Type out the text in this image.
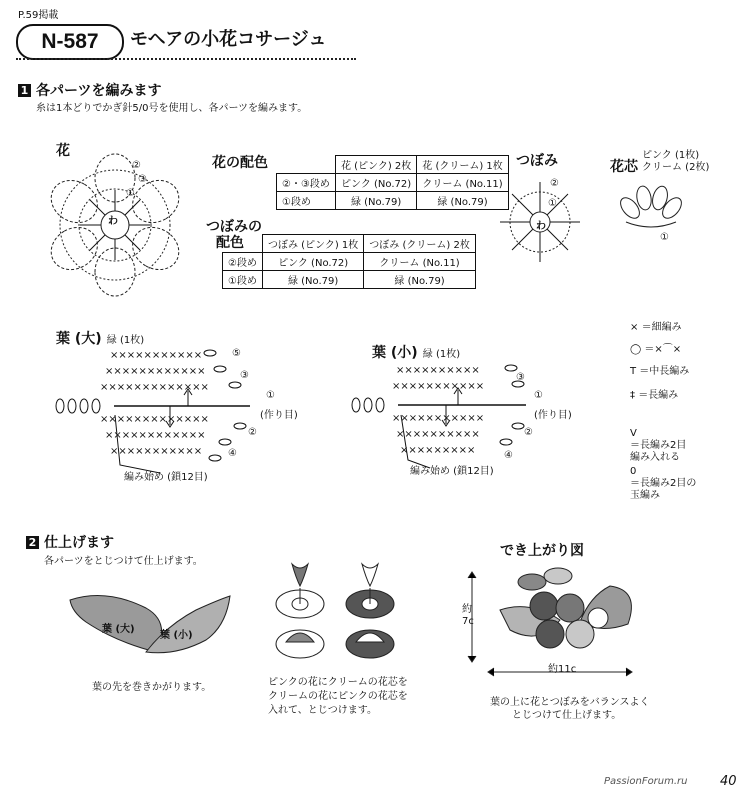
P.59掲載
N-587	モヘアの小花コサージュ
1 各パーツを編みます
糸は1本どりでかぎ針5/0号を使用し、各パーツを編みます。
花
わ
②
③
①
花の配色
		花 (ピンク) 2枚	花 (クリーム) 1枚
②・③段め	ピンク (No.72)	クリーム (No.11)
①段め	緑 (No.79)	緑 (No.79)
つぼみの
配色
	つぼみ (ピンク) 1枚	つぼみ (クリーム) 2枚
②段め	ピンク (No.72)	クリーム (No.11)
①段め	緑 (No.79)	緑 (No.79)
つぼみ
わ
②
①
花芯
ピンク (1枚)
クリーム (2枚)
①
葉 (大) 緑 (1枚)
×××××××××××
××××××××××××
×××××××××××××
×××××××××××××
××××××××××××
×××××××××××
⑤
③
①
(作り目)
②
④
編み始め (鎖12目)
葉 (小) 緑 (1枚)
××××××××××
×××××××××××
×××××××××××
××××××××××
×××××××××
③
①
(作り目)
②
④
編み始め (鎖12目)
× ＝細編み
◯ ＝×⌒×
T ＝中長編み
‡ ＝長編み

V
＝長編み2目
編み入れる

0
＝長編み2目の
玉編み

2 仕上げます
各パーツをとじつけて仕上げます。
葉 (大)
葉 (小)
葉の先を巻きかがります。	ピンクの花にクリームの花芯を
クリームの花にピンクの花芯を
入れて、とじつけます。
でき上がり図
約
7c
約11c
葉の上に花とつぼみをバランスよく
とじつけて仕上げます。
PassionForum.ru 40
